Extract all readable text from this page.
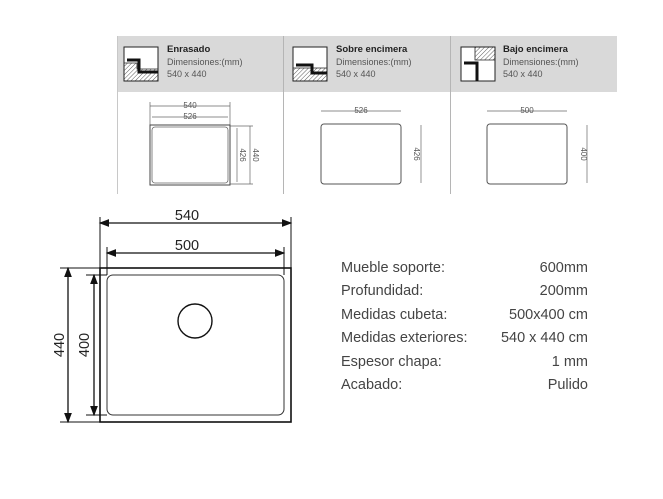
Enrasado
Dimensiones:(mm)
540 x 440
540
526
440
426
Sobre encimera
Dimensiones:(mm)
540 x 440
526
426
Bajo encimera
Dimensiones:(mm)
540 x 440
500
400
540
500
440 400
Mueble soporte:	600mm
Profundidad:	200mm
Medidas cubeta:	500x400 cm
Medidas exteriores: 540 x 440 cm
Espesor chapa:	1 mm
Acabado:	Pulido
